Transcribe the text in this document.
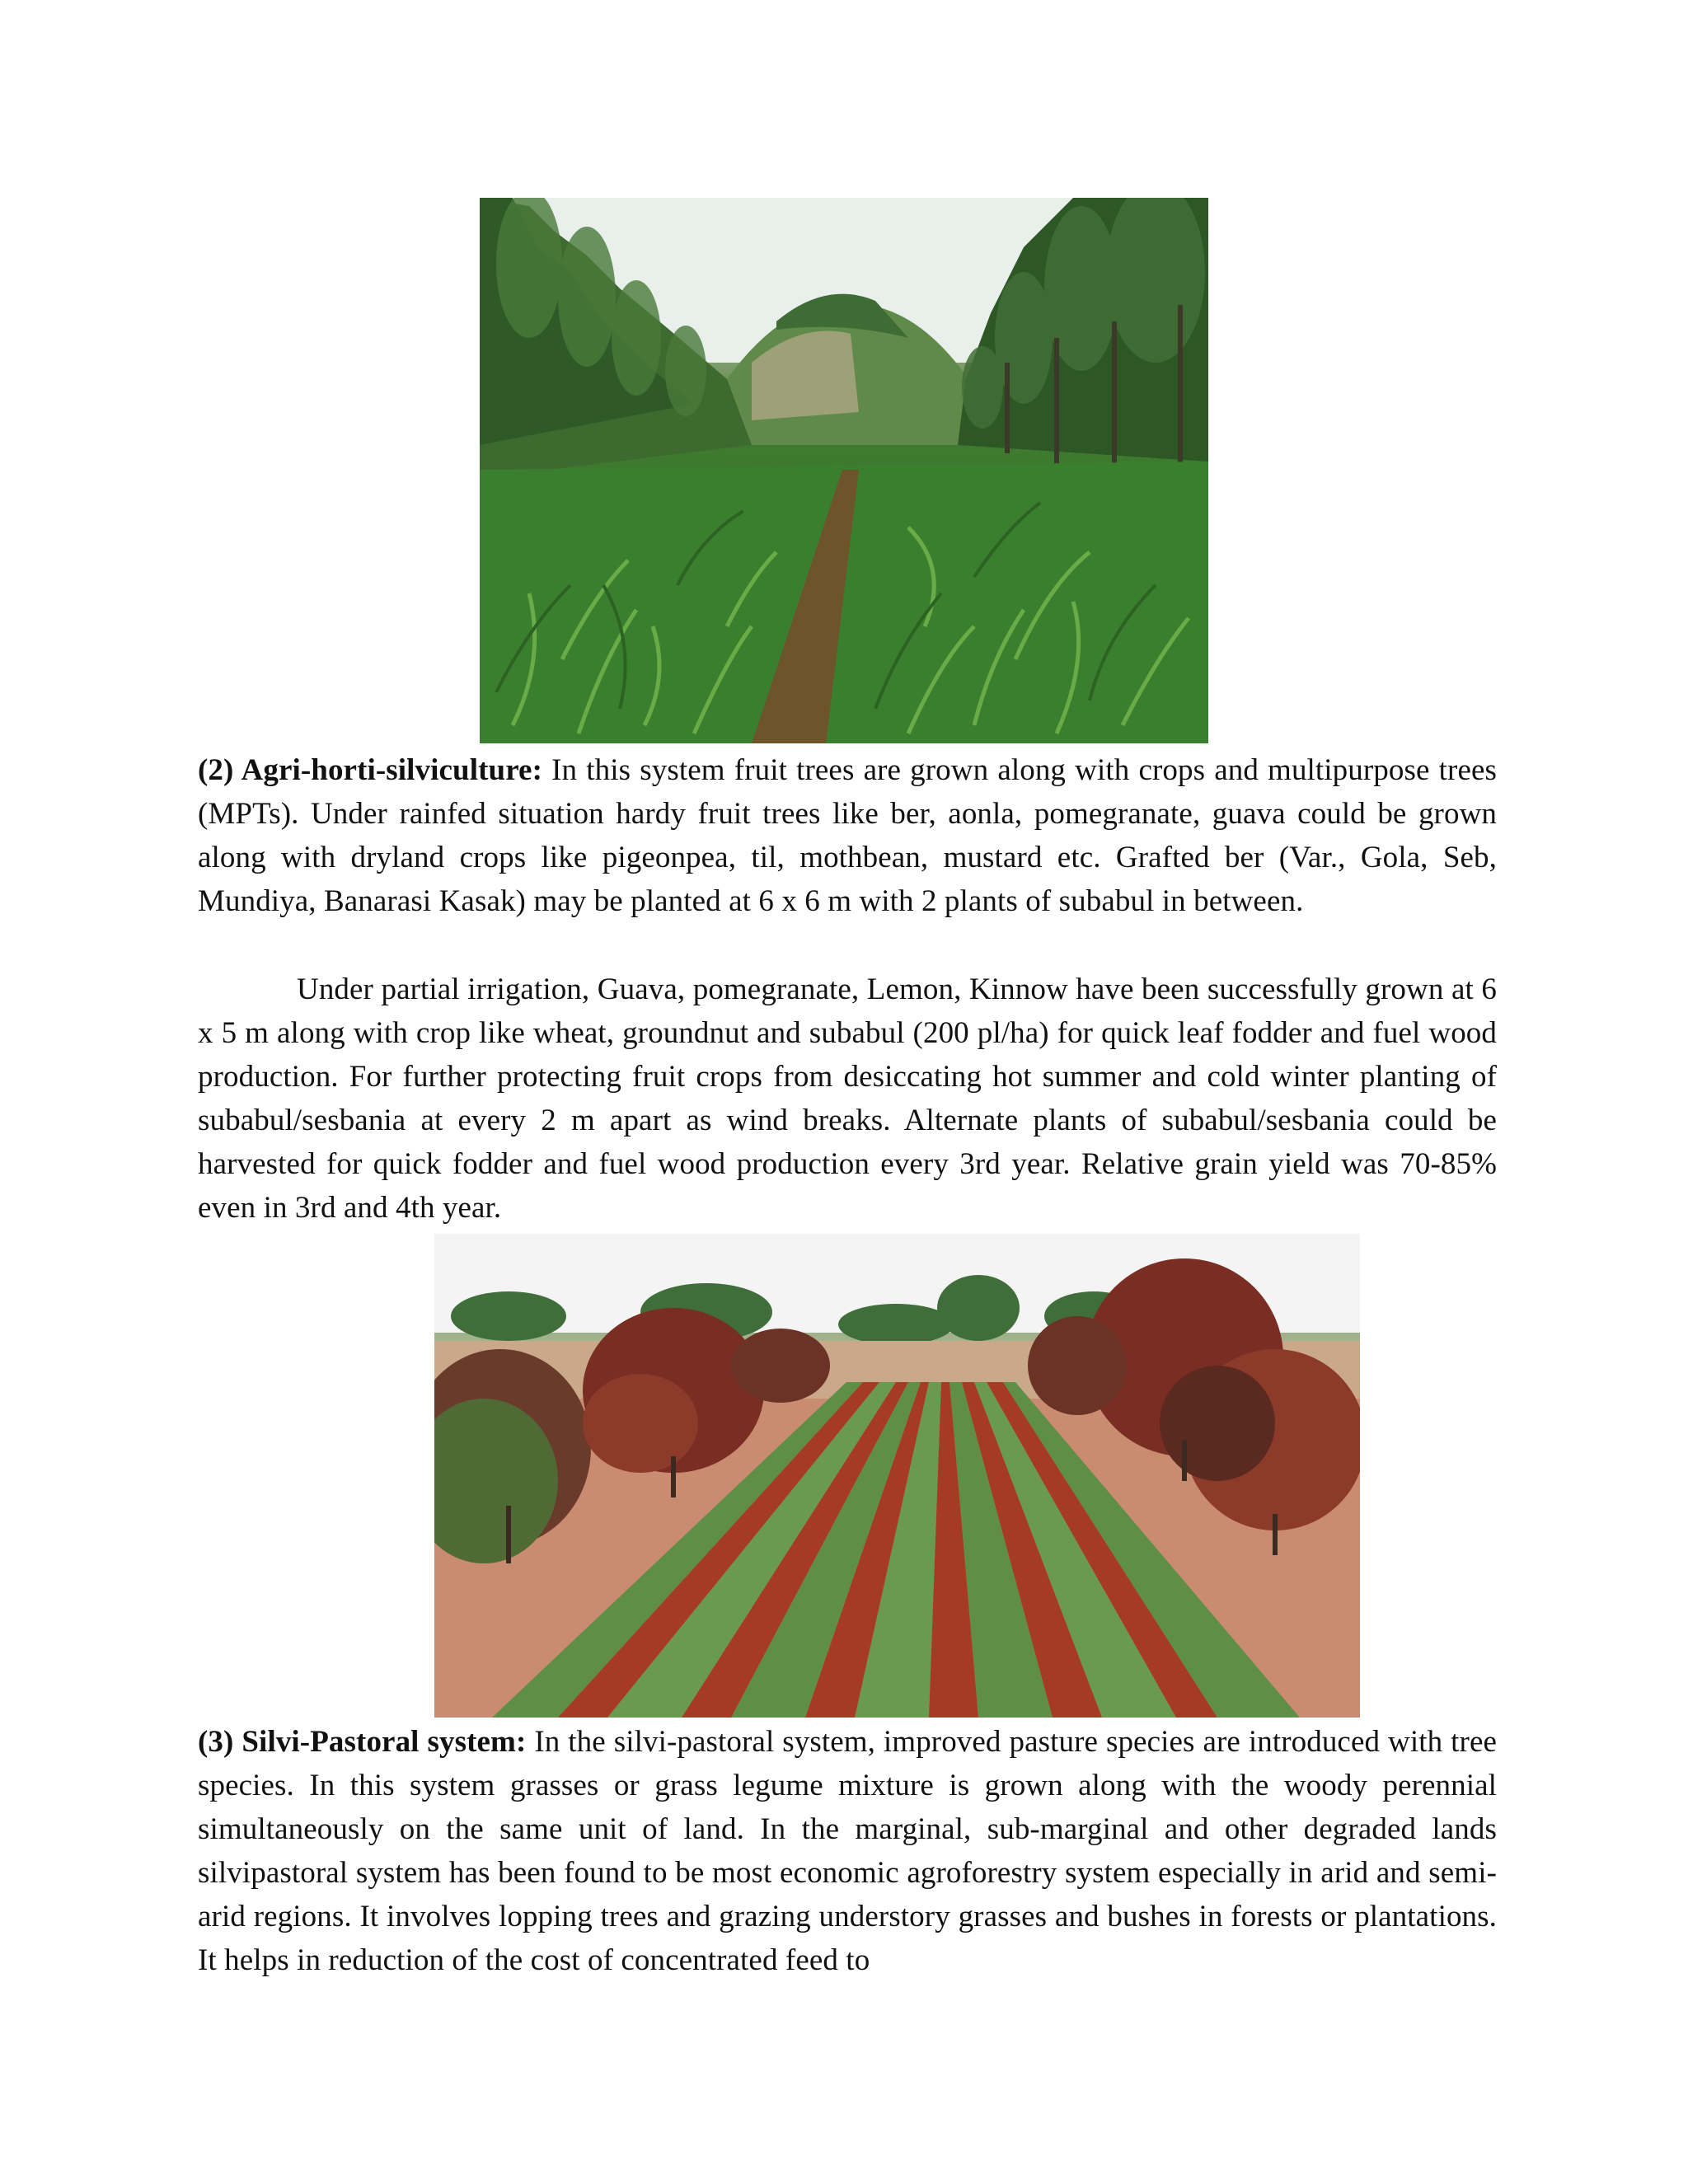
(2) Agri-horti-silviculture: In this system fruit trees are grown along with crops and multipurpose trees (MPTs). Under rainfed situation hardy fruit trees like ber, aonla, pomegranate, guava could be grown along with dryland crops like pigeonpea, til, mothbean, mustard etc. Grafted ber (Var., Gola, Seb, Mundiya, Banarasi Kasak) may be planted at 6 x 6 m with 2 plants of subabul in between.
Under partial irrigation, Guava, pomegranate, Lemon, Kinnow have been successfully grown at 6 x 5 m along with crop like wheat, groundnut and subabul (200 pl/ha) for quick leaf fodder and fuel wood production. For further protecting fruit crops from desiccating hot summer and cold winter planting of subabul/sesbania at every 2 m apart as wind breaks. Alternate plants of subabul/sesbania could be harvested for quick fodder and fuel wood production every 3rd year. Relative grain yield was 70-85% even in 3rd and 4th year.
(3) Silvi-Pastoral system: In the silvi-pastoral system, improved pasture species are introduced with tree species. In this system grasses or grass legume mixture is grown along with the woody perennial simultaneously on the same unit of land. In the marginal, sub-marginal and other degraded lands silvipastoral system has been found to be most economic agroforestry system especially in arid and semi-arid regions. It involves lopping trees and grazing understory grasses and bushes in forests or plantations. It helps in reduction of the cost of concentrated feed to
